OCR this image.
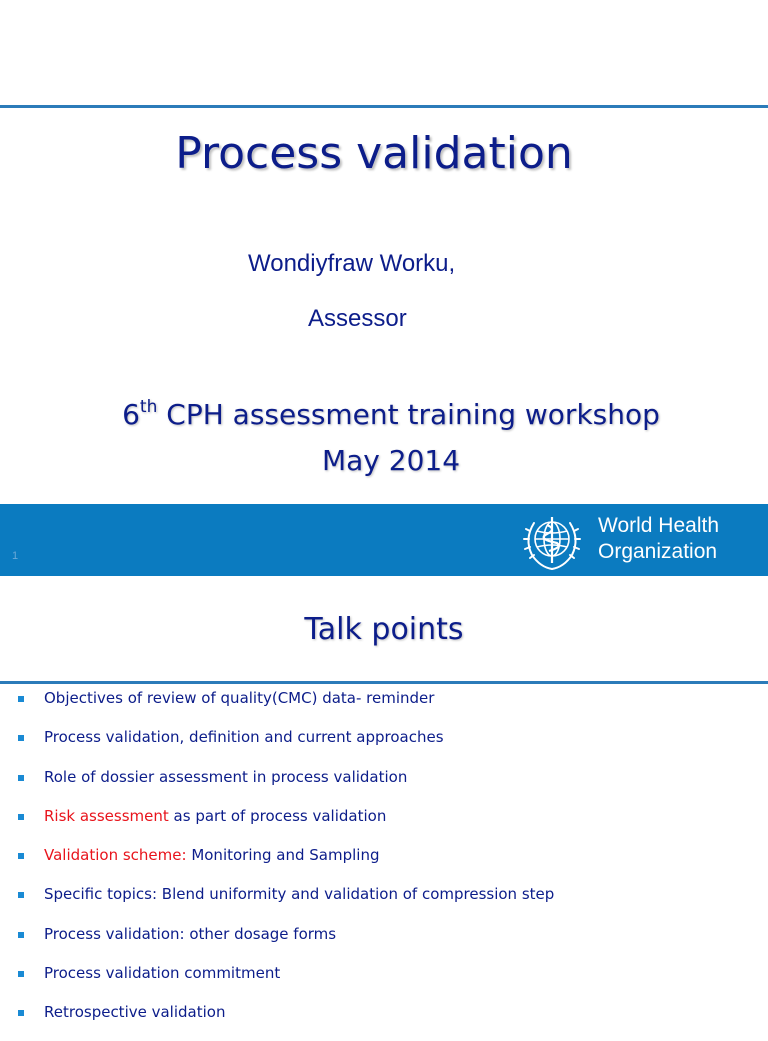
Process validation
Wondiyfraw Worku,
Assessor
6th CPH assessment training workshop
May 2014
1
World Health
Organization
Talk points
Objectives of review of quality(CMC) data- reminder
Process validation, definition and current approaches
Role of dossier assessment in process validation
Risk assessment as part of process validation
Validation scheme: Monitoring and Sampling
Specific topics: Blend uniformity and validation of compression step
Process validation: other dosage forms
Process validation commitment
Retrospective validation
